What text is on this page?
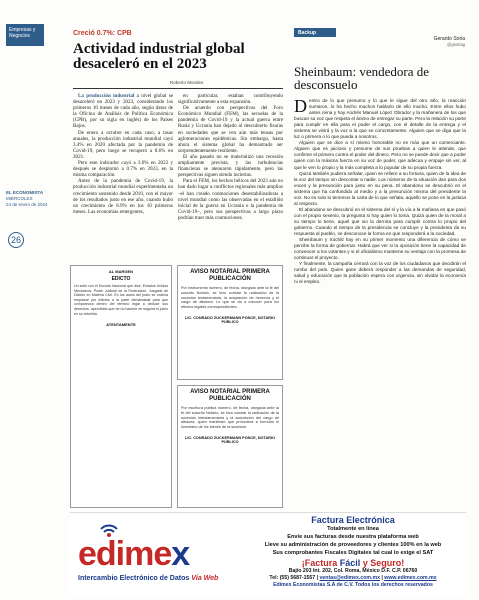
Empresas y Negocios
EL ECONOMISTA
MIÉRCOLES
24 de enero de 2024
26
Creció 0.7%: CPB
Actividad industrial global desaceleró en el 2023
Roberto Morales

La producción industrial a nivel global se desaceleró en 2023 y 2023, considerando los primeros 10 meses de cada año, según datos de la Oficina de Análisis de Política Económica (CPB), por su sigla en inglés) de los Países Bajos.

De enero a octubre en cada caso, a tasas anuales, la producción industrial mundial cayó 3.4% en 2020 afectada por la pandemia de Covid-19, pero luego se recuperó a 8.6% en 2021.

Pero este indicador cayó a 3.6% en 2022 y después se desplomó a 0.7% en 2023, en la misma comparación.

Antes de la pandemia de Covid-19, la producción industrial mundial experimentaba un crecimiento sostenido desde 2010, con el mayor de los resultados justo en ese año, cuando hubo un crecimiento de 8.9% en los 10 primeros meses. Las economías emergentes,

en particular, estaban contribuyendo significativamente a esta expansión.

De acuerdo con perspectivas del Foro Económico Mundial (FEM), las secuelas de la pandemia de Covid-19 y la actual guerra entre Rusia y Ucrania han dejado al descubierto fisuras en sociedades que se ven aún más tensas por aglomeraciones epidémicas. Sin embargo, hasta ahora el sistema global ha demostrado ser sorprendentemente resiliente.

El año pasado no se materializó una recesión ampliamente prevista, y las turbulencias financieras se atenuaron rápidamente, pero las perspectivas siguen siendo inciertas.

Para el FEM, los hechos bélicos del 2023 aún no han dado lugar a conflictos regionales más amplios –el han creado conmociones desestabilizadoras a nivel mundial como las observadas en el estallido inicial de la guerra en Ucrania o la pandemia de Covid-19–, pero sus perspectivas a largo plazo podrían traer más conmociones.

Backup
Gerardo Soria
@gsoriag
Sheinbaum: vendedora de desconsuelo

Dentro de lo que presumo y lo que le sigue del otro año, la reacción sumaron, lo ha hecho muchos hablarlo de ello mucho. Entre ellos hubo antes reina y hay Andrés Manuel López Obrador y la mañanera de los que buscan su voz que respeta el ánimo de entregar su parte. Pero la relación su parte para cumplir en ella para el poder el cargo, con el detalle de la entrega y el sistema se vivirá y la voz a la que se concretamente. Alguien que se diga que la luz o primera o lo que pueda a nosotros.

Alguien que se dice a sí mismo honorable no es más que un comerciante. Alguien que es juicioso y presume de sus pruebas a quien le atiende, que confirme el primero contra el poder del dinero. Pero no se puede decir que a poder quien con la máxima fuerza en su voz de poder, que adecua y empuje sin ver, al que le ven lo propio y la más completa a lo popular de su propia fuerza.

Quizá también pudiera señalar, quien se refiere a su fortuna, quien de la idea de la voz del tiempo sin descontar a nadie. Los números de la situación dan para dos voces y la presunción para justo en su pena. El abandono se descubrió en el sistema que ha confundido al medio y a la presunción misma del presidente la voz. No es solo lo tenemos la carta de lo que señala, aquello se pone en la justicia al respecto.

El abandono se descubrió en el sistema del sí y la vía a la mañana en que pasó con el propio sexenio, la pregunta si hay quien lo toma. Quizá quien de la moral a su tiempo lo tiene, aquel que vio la derrota para cumplir contra lo propio del gobierno. Cuando el tiempo de la presidencia se concluye y la presidenta da su respuesta al pueblo, se desconoce la forma en que responderá a la sociedad.

Sheinbaum y Xóchitl hay en su primer momento una diferencia de cómo se percibe la forma de gobernar. Habrá que ver si la oposición tiene la capacidad de convencer a los votantes y si el oficialismo mantiene su ventaja con la promesa de continuar el proyecto.

Y finalmente, la campaña cerrará con la voz de los ciudadanos que decidirán el rumbo del país. Quien gane deberá responder a las demandas de seguridad, salud y educación que la población espera con urgencia, sin olvidar la economía ni el empleo.

AL MARGEN
EDICTO
Un sello con el Escudo Nacional que dice: Estados Unidos Mexicanos, Poder Judicial de la Federación. Juzgado de Distrito en Materia Civil. En los autos del juicio se ordena emplazar por edictos a la parte demandada para que comparezca dentro del término legal a deducir sus derechos, apercibida que de no hacerlo se seguirá el juicio en su rebeldía.
ATENTAMENTE
AVISO NOTARIAL PRIMERA PUBLICACIÓN
Por instrumento número, de fecha, otorgado ante la fe del suscrito Notario, se hizo constar la radicación de la sucesión testamentaria, la aceptación de herencia y el cargo de albacea. Lo que se da a conocer para los efectos legales correspondientes.
LIC. CONRADO ZUCKERMANN PONCE, NOTARIO PÚBLICO
AVISO NOTARIAL PRIMERA PUBLICACIÓN
Por escritura pública número, de fecha, otorgada ante la fe del suscrito Notario, se hizo constar la radicación de la sucesión intestamentaria y la aceptación del cargo de albacea, quien manifestó que procederá a formular el inventario de los bienes de la sucesión.
LIC. CONRADO ZUCKERMANN PONCE, NOTARIO PÚBLICO
edimex
Intercambio Electrónico de Datos Vía Web
Factura Electrónica
Totalmente en línea
Envíe sus facturas desde nuestra plataforma web
Lleve su administración de proveedores y clientes 100% en la web
Sus comprobantes Fiscales Digitales tal cual lo exige el SAT
¡Factura Fácil y Seguro!
Bajío 203 Int. 202, Col. Roma, México D.F. C.P. 06760
Tel: (55) 5687-1557 | ventas@edimex.com.mx | www.edimex.com.mx
Edimex Economistas S.A de C.V. Todos los derechos reservados
